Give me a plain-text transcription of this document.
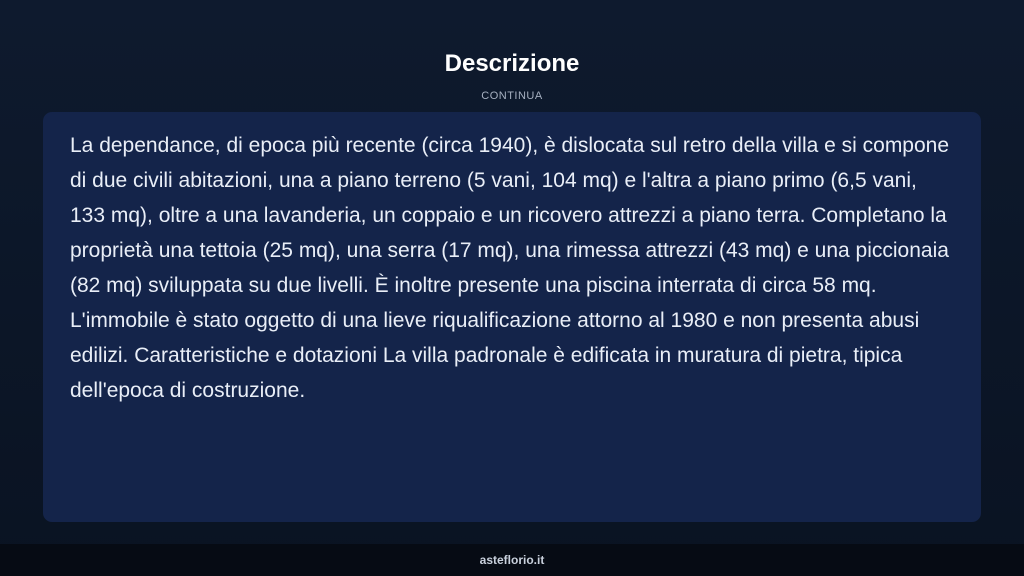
Descrizione
CONTINUA

La dependance, di epoca più recente (circa 1940), è dislocata sul retro della villa e si compone di due civili abitazioni, una a piano terreno (5 vani, 104 mq) e l'altra a piano primo (6,5 vani, 133 mq), oltre a una lavanderia, un coppaio e un ricovero attrezzi a piano terra. Completano la proprietà una tettoia (25 mq), una serra (17 mq), una rimessa attrezzi (43 mq) e una piccionaia (82 mq) sviluppata su due livelli. È inoltre presente una piscina interrata di circa 58 mq. L'immobile è stato oggetto di una lieve riqualificazione attorno al 1980 e non presenta abusi edilizi. Caratteristiche e dotazioni La villa padronale è edificata in muratura di pietra, tipica dell'epoca di costruzione.

asteflorio.it
